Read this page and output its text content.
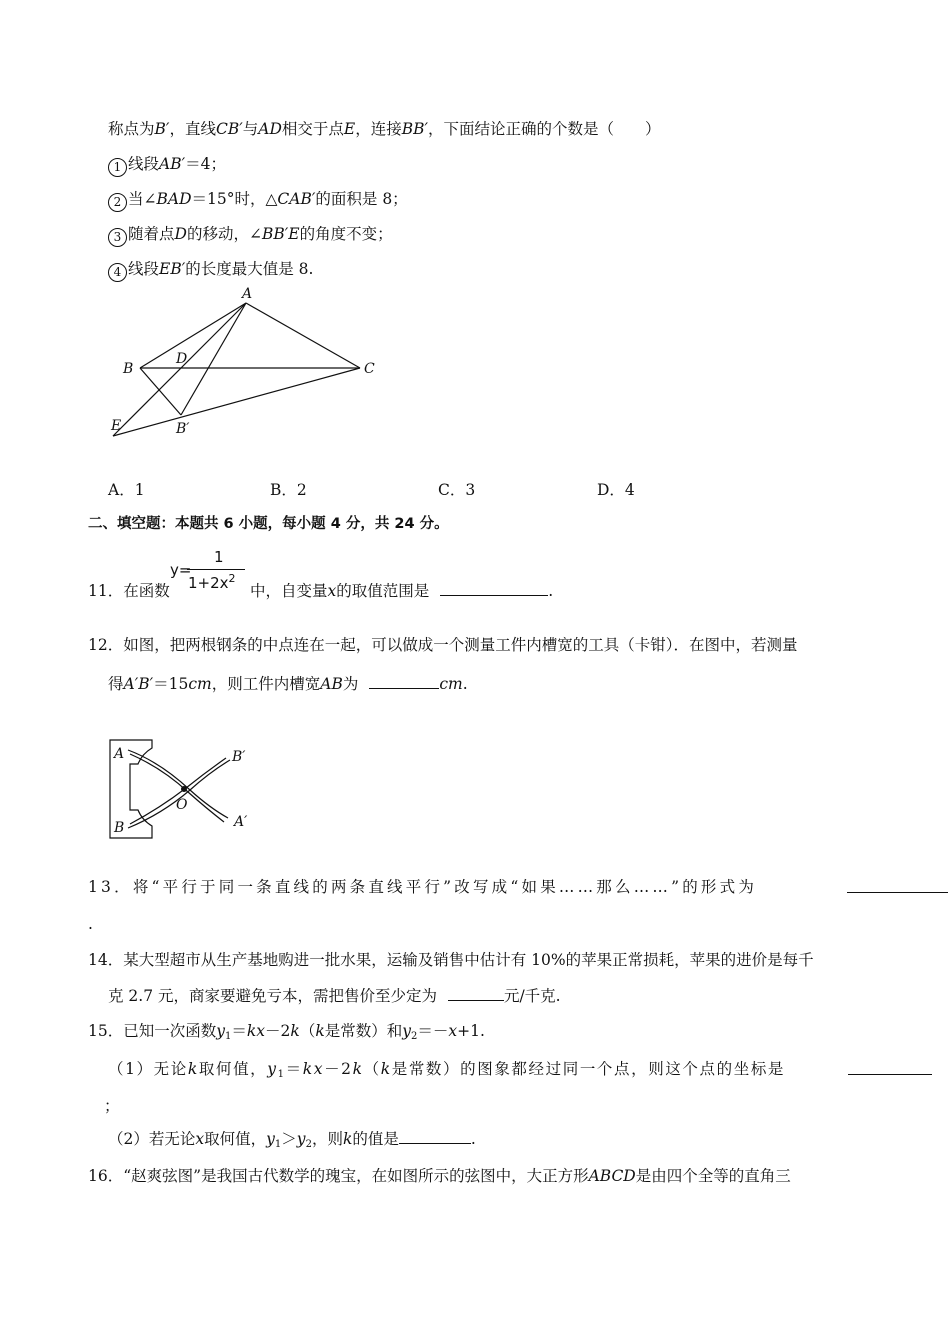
称点为B′，直线CB′与AD相交于点E，连接BB′，下面结论正确的个数是（　　）
1 线段AB′＝4；
2 当∠BAD＝15°时，△CAB′的面积是 8；
3 随着点D的移动，∠BB′E的角度不变；
4 线段EB′的长度最大值是 8.
A
B	C
D
E	B′
A．1	B．2	C．3	D．4
二、填空题：本题共 6 小题，每小题 4 分，共 24 分。
y=
1
$1+2x^2$
11．在函数	中，自变量x的取值范围是	.
12．如图，把两根钢条的中点连在一起，可以做成一个测量工件内槽宽的工具（卡钳）．在图中，若测量
得A′B′＝15cm，则工件内槽宽AB为	cm.
A
B
O
B′
A′
13．将“平行于同一条直线的两条直线平行”改写成“如果……那么……”的形式为
.
14．某大型超市从生产基地购进一批水果，运输及销售中估计有 10%的苹果正常损耗，苹果的进价是每千
克 2.7 元，商家要避免亏本，需把售价至少定为	元/千克.
15．已知一次函数$y_1=kx-2k(k$是常数）和$y_2=-x+1$.
（1）无论k取何值，$y_1=kx-2k(k$是常数）的图象都经过同一个点，则这个点的坐标是
；
（2）若无论x取何值，$y_1>y_2$，则k的值是	.
16．“赵爽弦图”是我国古代数学的瑰宝，在如图所示的弦图中，大正方形ABCD是由四个全等的直角三
